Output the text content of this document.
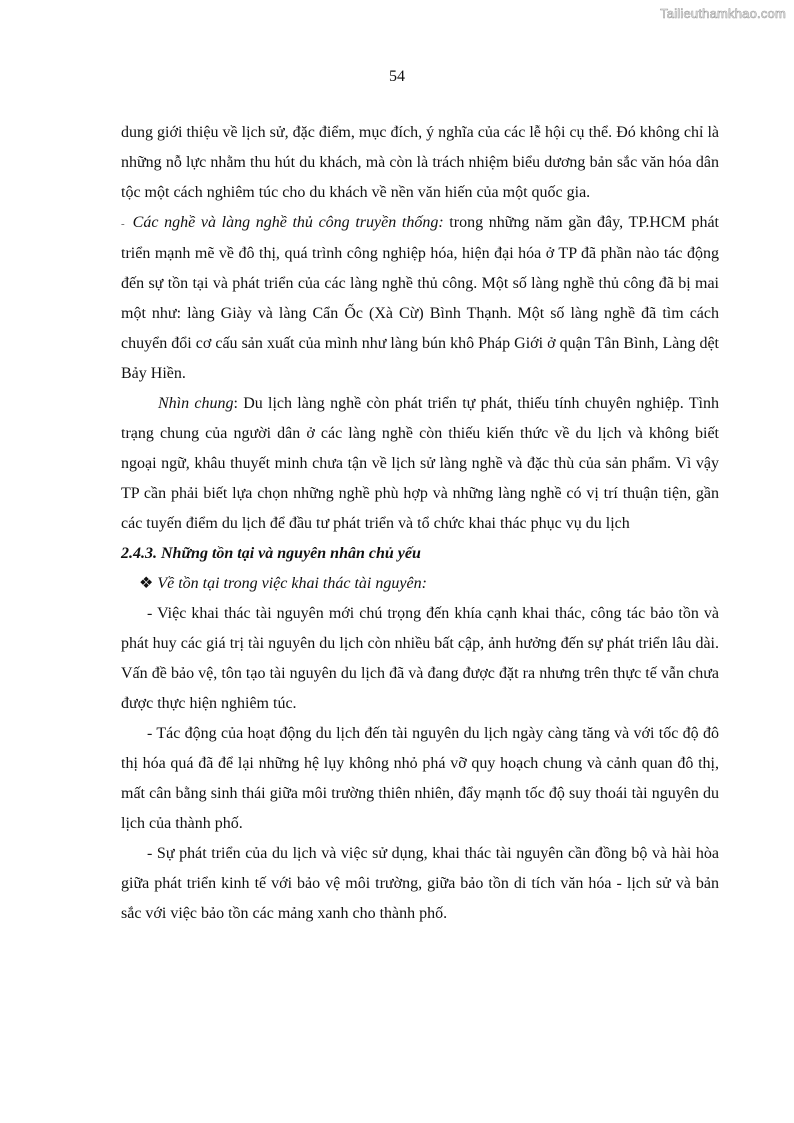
Tailieuthamkhao.com
54

dung giới thiệu về lịch sử, đặc điểm, mục đích, ý nghĩa của các lễ hội cụ thể. Đó không chỉ là những nỗ lực nhằm thu hút du khách, mà còn là trách nhiệm biểu dương bản sắc văn hóa dân tộc một cách nghiêm túc cho du khách về nền văn hiến của một quốc gia.

- Các nghề và làng nghề thủ công truyền thống: trong những năm gần đây, TP.HCM phát triển mạnh mẽ về đô thị, quá trình công nghiệp hóa, hiện đại hóa ở TP đã phần nào tác động đến sự tồn tại và phát triển của các làng nghề thủ công. Một số làng nghề thủ công đã bị mai một như: làng Giày và làng Cẩn Ốc (Xà Cừ) Bình Thạnh. Một số làng nghề đã tìm cách chuyển đổi cơ cấu sản xuất của mình như làng bún khô Pháp Giới ở quận Tân Bình, Làng dệt Bảy Hiền.

Nhìn chung: Du lịch làng nghề còn phát triển tự phát, thiếu tính chuyên nghiệp. Tình trạng chung của người dân ở các làng nghề còn thiếu kiến thức về du lịch và không biết ngoại ngữ, khâu thuyết minh chưa tận về lịch sử làng nghề và đặc thù của sản phẩm. Vì vậy TP cần phải biết lựa chọn những nghề phù hợp và những làng nghề có vị trí thuận tiện, gần các tuyến điểm du lịch để đầu tư phát triển và tổ chức khai thác phục vụ du lịch

2.4.3. Những tồn tại và nguyên nhân chủ yếu

❖ Về tồn tại trong việc khai thác tài nguyên:

- Việc khai thác tài nguyên mới chú trọng đến khía cạnh khai thác, công tác bảo tồn và phát huy các giá trị tài nguyên du lịch còn nhiều bất cập, ảnh hưởng đến sự phát triển lâu dài. Vấn đề bảo vệ, tôn tạo tài nguyên du lịch đã và đang được đặt ra nhưng trên thực tế vẫn chưa được thực hiện nghiêm túc.

- Tác động của hoạt động du lịch đến tài nguyên du lịch ngày càng tăng và với tốc độ đô thị hóa quá đã để lại những hệ lụy không nhỏ phá vỡ quy hoạch chung và cảnh quan đô thị, mất cân bằng sinh thái giữa môi trường thiên nhiên, đẩy mạnh tốc độ suy thoái tài nguyên du lịch của thành phố.

- Sự phát triển của du lịch và việc sử dụng, khai thác tài nguyên cần đồng bộ và hài hòa giữa phát triển kinh tế với bảo vệ môi trường, giữa bảo tồn di tích văn hóa - lịch sử và bản sắc với việc bảo tồn các mảng xanh cho thành phố.
